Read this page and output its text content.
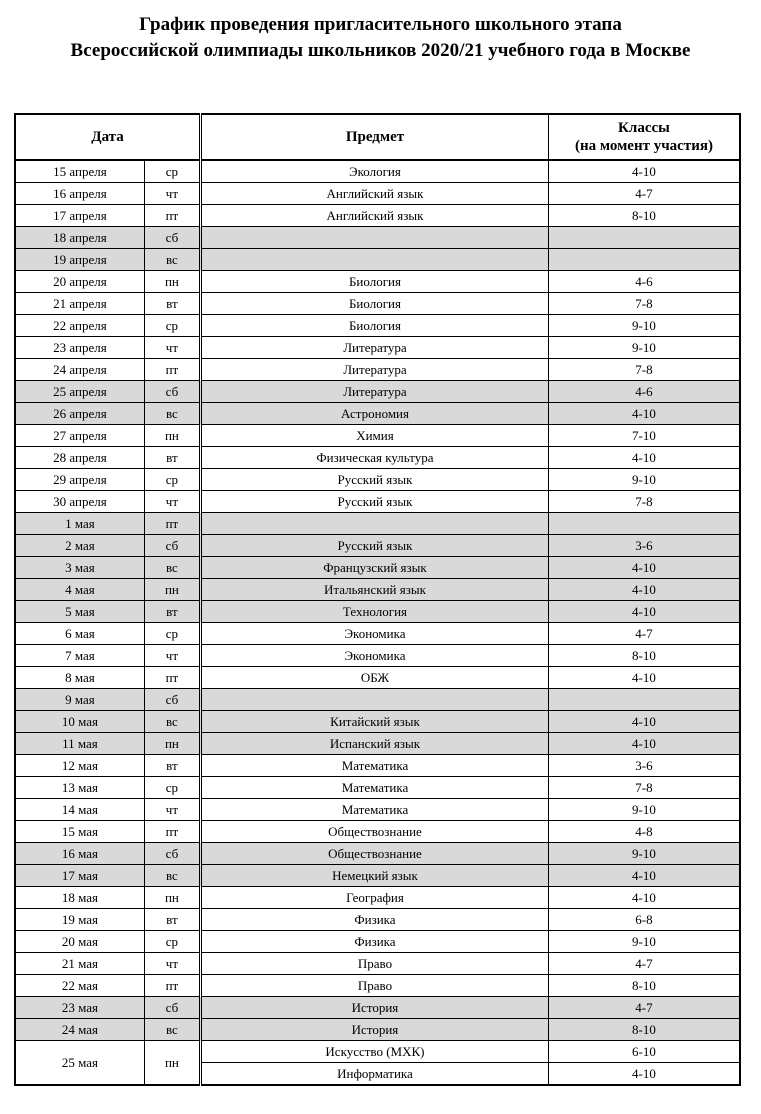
График проведения пригласительного школьного этапа
Всероссийской олимпиады школьников 2020/21 учебного года в Москве
Дата		Предмет	Классы
(на момент участия)

15 апреля	ср	Экология	4-10
16 апреля	чт	Английский язык	4-7
17 апреля	пт	Английский язык	8-10
18 апреля	сб		
19 апреля	вс		
20 апреля	пн	Биология	4-6
21 апреля	вт	Биология	7-8
22 апреля	ср	Биология	9-10
23 апреля	чт	Литература	9-10
24 апреля	пт	Литература	7-8
25 апреля	сб	Литература	4-6
26 апреля	вс	Астрономия	4-10
27 апреля	пн	Химия	7-10
28 апреля	вт	Физическая культура	4-10
29 апреля	ср	Русский язык	9-10
30 апреля	чт	Русский язык	7-8
1 мая	пт		
2 мая	сб	Русский язык	3-6
3 мая	вс	Французский язык	4-10
4 мая	пн	Итальянский язык	4-10
5 мая	вт	Технология	4-10
6 мая	ср	Экономика	4-7
7 мая	чт	Экономика	8-10
8 мая	пт	ОБЖ	4-10
9 мая	сб		
10 мая	вс	Китайский язык	4-10
11 мая	пн	Испанский язык	4-10
12 мая	вт	Математика	3-6
13 мая	ср	Математика	7-8
14 мая	чт	Математика	9-10
15 мая	пт	Обществознание	4-8
16 мая	сб	Обществознание	9-10
17 мая	вс	Немецкий язык	4-10
18 мая	пн	География	4-10
19 мая	вт	Физика	6-8
20 мая	ср	Физика	9-10
21 мая	чт	Право	4-7
22 мая	пт	Право	8-10
23 мая	сб	История	4-7
24 мая	вс	История	8-10
25 мая	пн	Искусство (МХК)	6-10
		Информатика	4-10
